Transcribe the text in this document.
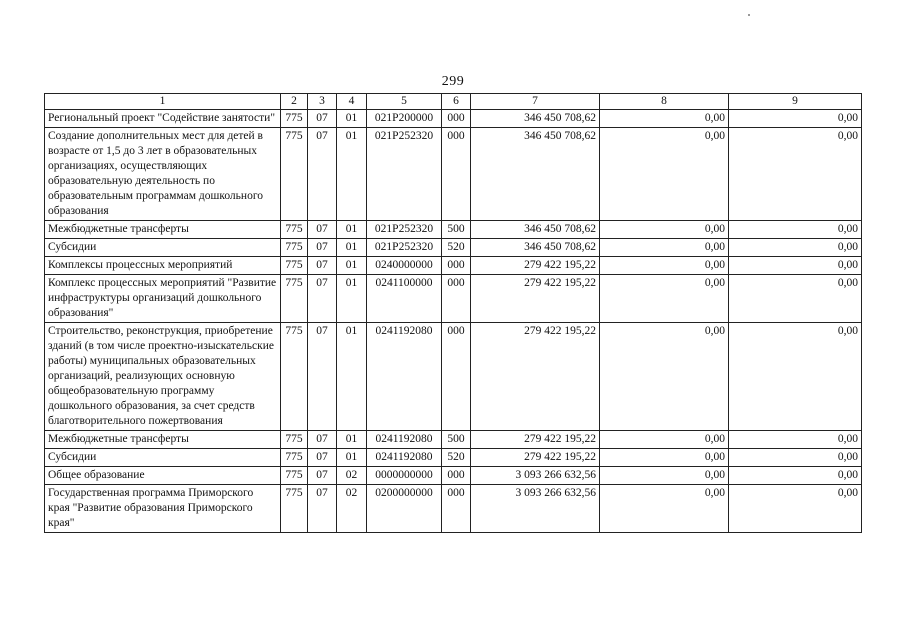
299
1	2	3	4	5	6	7	8	9
Региональный проект "Содействие занятости"	775	07	01	021P200000	000	346 450 708,62	0,00	0,00
Создание дополнительных мест для детей в возрасте от 1,5 до 3 лет в образовательных организациях, осуществляющих образовательную деятельность по образовательным программам дошкольного образования	775	07	01	021P252320	000	346 450 708,62	0,00	0,00
Межбюджетные трансферты	775	07	01	021P252320	500	346 450 708,62	0,00	0,00
Субсидии	775	07	01	021P252320	520	346 450 708,62	0,00	0,00
Комплексы процессных мероприятий	775	07	01	0240000000	000	279 422 195,22	0,00	0,00
Комплекс процессных мероприятий "Развитие инфраструктуры организаций дошкольного образования"	775	07	01	0241100000	000	279 422 195,22	0,00	0,00
Строительство, реконструкция, приобретение зданий (в том числе проектно-изыскательские работы) муниципальных образовательных организаций, реализующих основную общеобразовательную программу дошкольного образования, за счет средств благотворительного пожертвования	775	07	01	0241192080	000	279 422 195,22	0,00	0,00
Межбюджетные трансферты	775	07	01	0241192080	500	279 422 195,22	0,00	0,00
Субсидии	775	07	01	0241192080	520	279 422 195,22	0,00	0,00
Общее образование	775	07	02	0000000000	000	3 093 266 632,56	0,00	0,00
Государственная программа Приморского края "Развитие образования Приморского края"	775	07	02	0200000000	000	3 093 266 632,56	0,00	0,00
